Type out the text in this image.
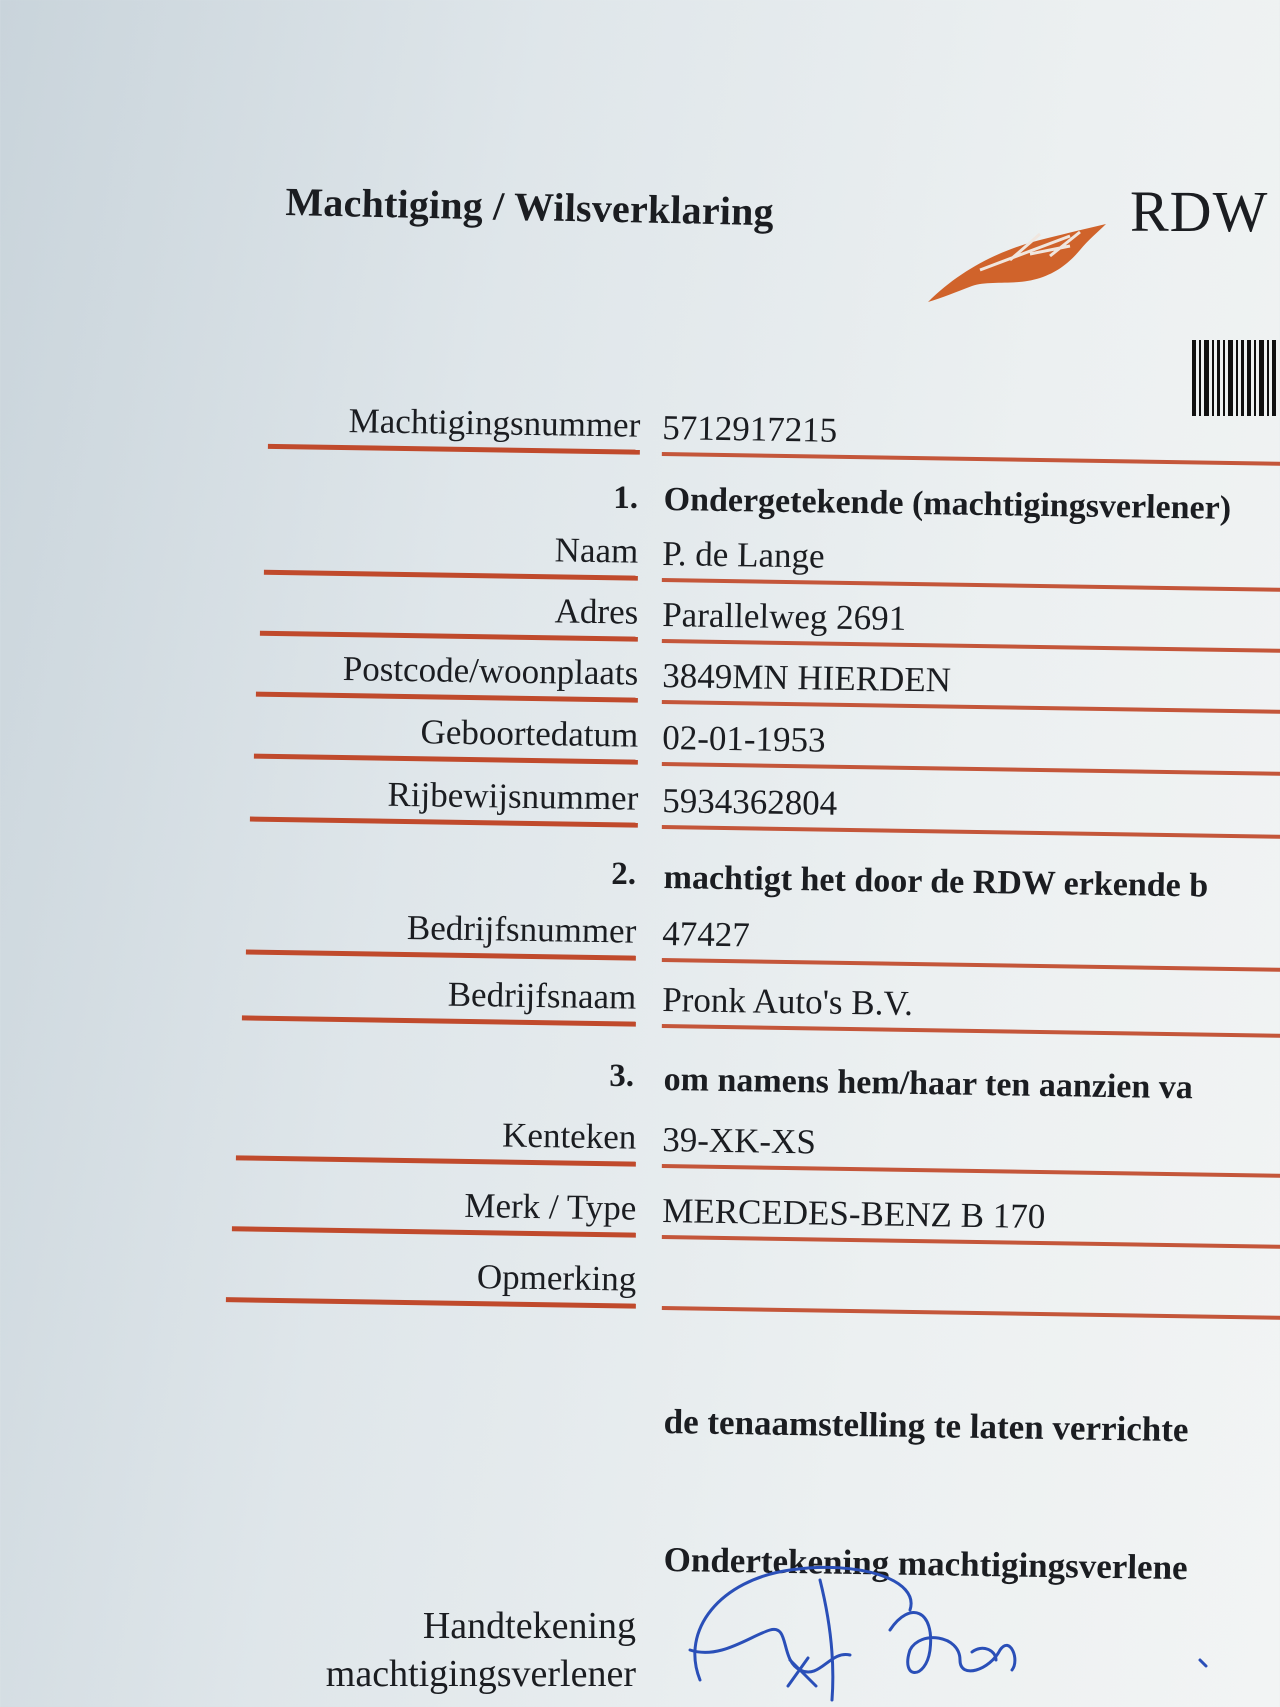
Machtiging / Wilsverklaring	RDW
Machtigingsnummer 5712917215
1. Ondergetekende (machtigingsverlener)
Naam P. de Lange
Adres Parallelweg 2691
Postcode/woonplaats 3849MN HIERDEN
Geboortedatum 02-01-1953
Rijbewijsnummer 5934362804
2. machtigt het door de RDW erkende b
Bedrijfsnummer 47427
Bedrijfsnaam Pronk Auto's B.V.
3. om namens hem/haar ten aanzien va
Kenteken 39-XK-XS
Merk / Type MERCEDES-BENZ B 170
Opmerking
de tenaamstelling te laten verrichte
Ondertekening machtigingsverlene
Handtekening
machtigingsverlener
